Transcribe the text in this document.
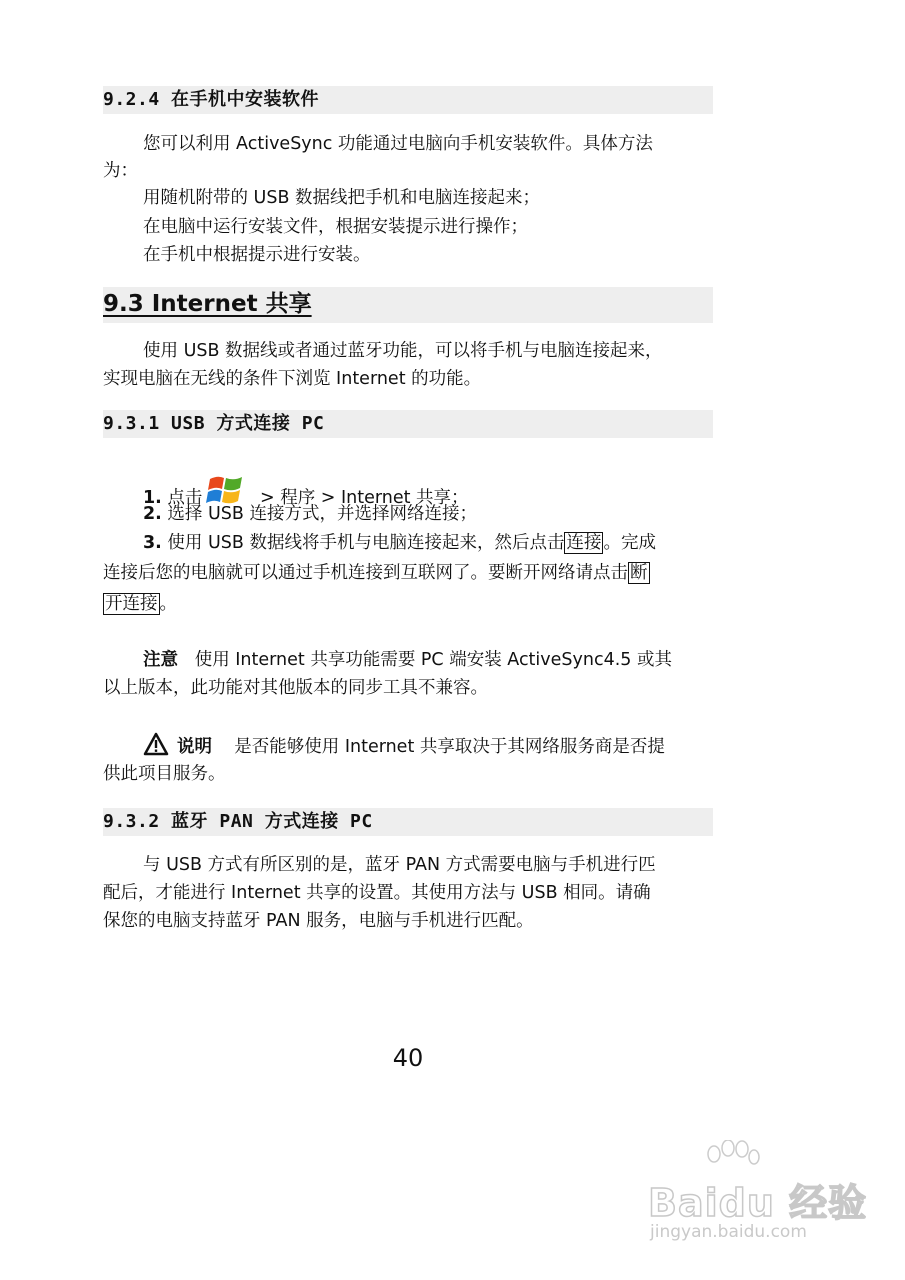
9.2.4 在手机中安装软件
您可以利用 ActiveSync 功能通过电脑向手机安装软件。具体方法
为：
用随机附带的 USB 数据线把手机和电脑连接起来；
在电脑中运行安装文件，根据安装提示进行操作；
在手机中根据提示进行安装。
9.3 Internet 共享
使用 USB 数据线或者通过蓝牙功能，可以将手机与电脑连接起来，
实现电脑在无线的条件下浏览 Internet 的功能。
9.3.1 USB 方式连接 PC
1. 点击	> 程序 > Internet 共享；
2. 选择 USB 连接方式，并选择网络连接；
3. 使用 USB 数据线将手机与电脑连接起来，然后点击 连接 。完成
连接后您的电脑就可以通过手机连接到互联网了。要断开网络请点击 断
开连接 。
注意 使用 Internet 共享功能需要 PC 端安装 ActiveSync4.5 或其
以上版本，此功能对其他版本的同步工具不兼容。
说明 是否能够使用 Internet 共享取决于其网络服务商是否提
供此项目服务。
9.3.2 蓝牙 PAN 方式连接 PC
与 USB 方式有所区别的是，蓝牙 PAN 方式需要电脑与手机进行匹
配后，才能进行 Internet 共享的设置。其使用方法与 USB 相同。请确
保您的电脑支持蓝牙 PAN 服务，电脑与手机进行匹配。
40
Baidu 经验
jingyan.baidu.com
